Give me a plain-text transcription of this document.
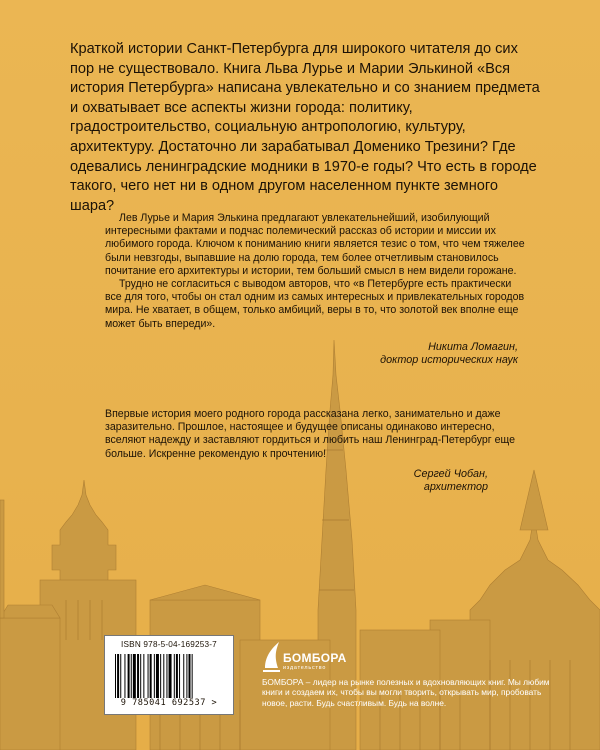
Краткой истории Санкт-Петербурга для широкого читателя до сих пор не существовало. Книга Льва Лурье и Марии Элькиной «Вся история Петербурга» написана увлекательно и со знанием предмета и охватывает все аспекты жизни города: политику, градостроительство, социальную антропологию, культуру, архитектуру. Достаточно ли зарабатывал Доменико Трезини? Где одевались ленинградские модники в 1970-е годы? Что есть в городе такого, чего нет ни в одном другом населенном пункте земного шара?

Лев Лурье и Мария Элькина предлагают увлекательнейший, изобилующий интересными фактами и подчас полемический рассказ об истории и миссии их любимого города. Ключом к пониманию книги является тезис о том, что чем тяжелее были невзгоды, выпавшие на долю города, тем более отчетливым становилось почитание его архитектуры и истории, тем больший смысл в нем видели горожане.

Трудно не согласиться с выводом авторов, что «в Петербурге есть практически все для того, чтобы он стал одним из самых интересных и привлекательных городов мира. Не хватает, в общем, только амбиций, веры в то, что золотой век вполне еще может быть впереди».

Никита Ломагин,
доктор исторических наук

Впервые история моего родного города рассказана легко, занимательно и даже заразительно. Прошлое, настоящее и будущее описаны одинаково интересно, вселяют надежду и заставляют гордиться и любить наш Ленинград-Петербург еще больше. Искренне рекомендую к прочтению!

Сергей Чобан,
архитектор
ISBN 978-5-04-169253-7
9 785041 692537 >
БОМБОРА
издательство

БОМБОРА – лидер на рынке полезных и вдохновляющих книг. Мы любим книги и создаем их, чтобы вы могли творить, открывать мир, пробовать новое, расти. Будь счастливым. Будь на волне.
